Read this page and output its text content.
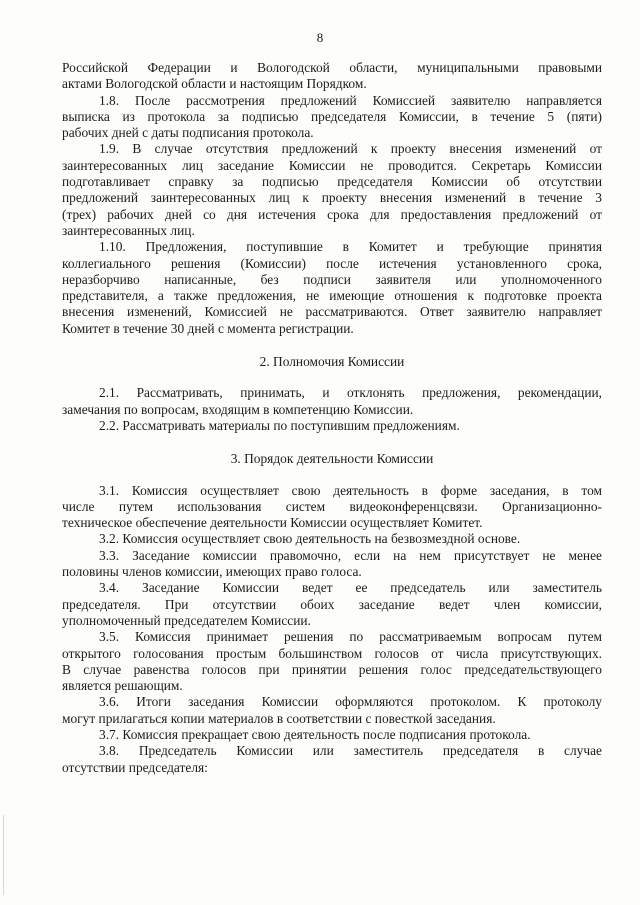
8
Российской Федерации и Вологодской области, муниципальными правовыми
актами Вологодской области и настоящим Порядком.
1.8. После рассмотрения предложений Комиссией заявителю направляется
выписка из протокола за подписью председателя Комиссии, в течение 5 (пяти)
рабочих дней с даты подписания протокола.
1.9. В случае отсутствия предложений к проекту внесения изменений от
заинтересованных лиц заседание Комиссии не проводится. Секретарь Комиссии
подготавливает справку за подписью председателя Комиссии об отсутствии
предложений заинтересованных лиц к проекту внесения изменений в течение 3
(трех) рабочих дней со дня истечения срока для предоставления предложений от
заинтересованных лиц.
1.10. Предложения, поступившие в Комитет и требующие принятия
коллегиального решения (Комиссии) после истечения установленного срока,
неразборчиво написанные, без подписи заявителя или уполномоченного
представителя, а также предложения, не имеющие отношения к подготовке проекта
внесения изменений, Комиссией не рассматриваются. Ответ заявителю направляет
Комитет в течение 30 дней с момента регистрации.
2. Полномочия Комиссии
2.1. Рассматривать, принимать, и отклонять предложения, рекомендации,
замечания по вопросам, входящим в компетенцию Комиссии.
2.2. Рассматривать материалы по поступившим предложениям.
3. Порядок деятельности Комиссии
3.1. Комиссия осуществляет свою деятельность в форме заседания, в том
числе путем использования систем видеоконференцсвязи. Организационно-
техническое обеспечение деятельности Комиссии осуществляет Комитет.
3.2. Комиссия осуществляет свою деятельность на безвозмездной основе.
3.3. Заседание комиссии правомочно, если на нем присутствует не менее
половины членов комиссии, имеющих право голоса.
3.4. Заседание Комиссии ведет ее председатель или заместитель
председателя. При отсутствии обоих заседание ведет член комиссии,
уполномоченный председателем Комиссии.
3.5. Комиссия принимает решения по рассматриваемым вопросам путем
открытого голосования простым большинством голосов от числа присутствующих.
В случае равенства голосов при принятии решения голос председательствующего
является решающим.
3.6. Итоги заседания Комиссии оформляются протоколом. К протоколу
могут прилагаться копии материалов в соответствии с повесткой заседания.
3.7. Комиссия прекращает свою деятельность после подписания протокола.
3.8. Председатель Комиссии или заместитель председателя в случае
отсутствии председателя:
